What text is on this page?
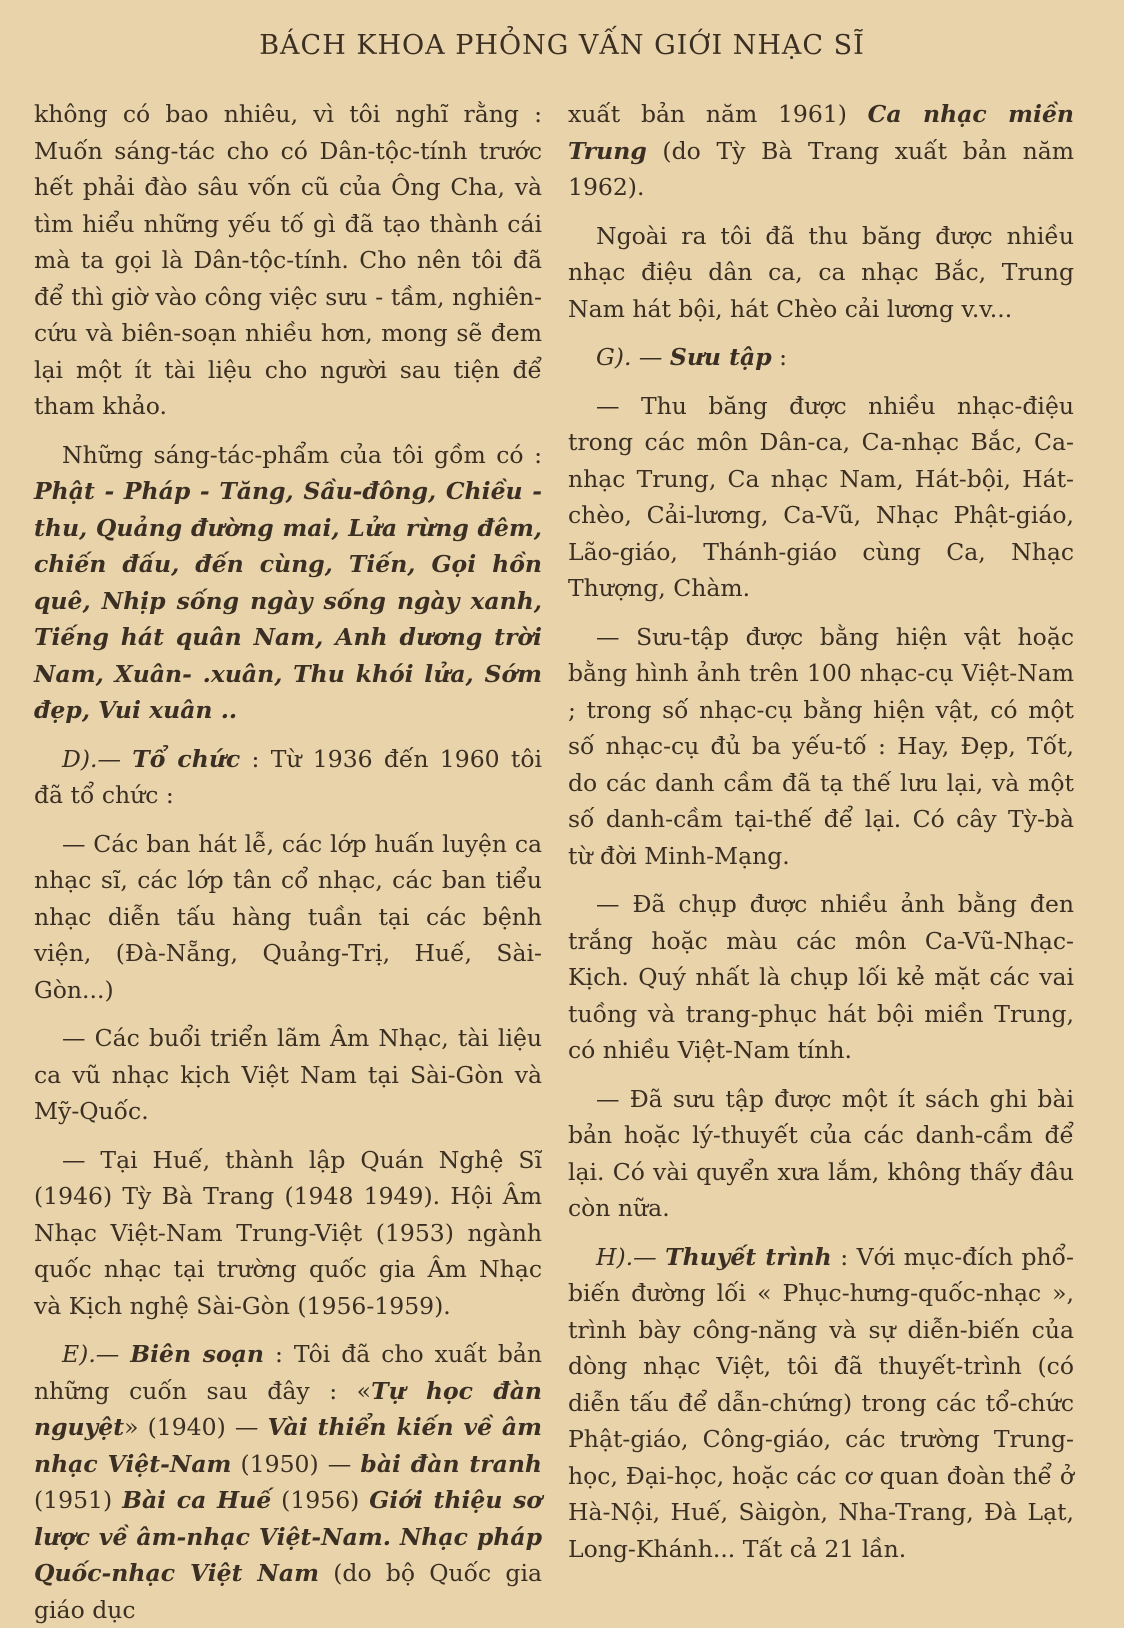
BÁCH KHOA PHỎNG VẤN GIỚI NHẠC SĨ

không có bao nhiêu, vì tôi nghĩ rằng : Muốn sáng-tác cho có Dân-tộc-tính trước hết phải đào sâu vốn cũ của Ông Cha, và tìm hiểu những yếu tố gì đã tạo thành cái mà ta gọi là Dân-tộc-tính. Cho nên tôi đã để thì giờ vào công việc sưu - tầm, nghiên-cứu và biên-soạn nhiều hơn, mong sẽ đem lại một ít tài liệu cho người sau tiện để tham khảo.

Những sáng-tác-phẩm của tôi gồm có : Phật - Pháp - Tăng, Sầu-đông, Chiều - thu, Quảng đường mai, Lửa rừng đêm, chiến đấu, đến cùng, Tiến, Gọi hồn quê, Nhịp sống ngày sống ngày xanh, Tiếng hát quân Nam, Anh dương trời Nam, Xuân- .xuân, Thu khói lửa, Sớm đẹp, Vui xuân ..

D).— Tổ chức : Từ 1936 đến 1960 tôi đã tổ chức :

— Các ban hát lễ, các lớp huấn luyện ca nhạc sĩ, các lớp tân cổ nhạc, các ban tiểu nhạc diễn tấu hàng tuần tại các bệnh viện, (Đà-Nẵng, Quảng-Trị, Huế, Sài-Gòn...)

— Các buổi triển lãm Âm Nhạc, tài liệu ca vũ nhạc kịch Việt Nam tại Sài-Gòn và Mỹ-Quốc.

— Tại Huế, thành lập Quán Nghệ Sĩ (1946) Tỳ Bà Trang (1948 1949). Hội Âm Nhạc Việt-Nam Trung-Việt (1953) ngành quốc nhạc tại trường quốc gia Âm Nhạc và Kịch nghệ Sài-Gòn (1956-1959).

E).— Biên soạn : Tôi đã cho xuất bản những cuốn sau đây : «Tự học đàn nguyệt» (1940) — Vài thiển kiến về âm nhạc Việt-Nam (1950) — bài đàn tranh (1951) Bài ca Huế (1956) Giới thiệu sơ lược về âm-nhạc Việt-Nam. Nhạc pháp Quốc-nhạc Việt Nam (do bộ Quốc gia giáo dục

xuất bản năm 1961) Ca nhạc miền Trung (do Tỳ Bà Trang xuất bản năm 1962).

Ngoài ra tôi đã thu băng được nhiều nhạc điệu dân ca, ca nhạc Bắc, Trung Nam hát bội, hát Chèo cải lương v.v...

G). — Sưu tập :

— Thu băng được nhiều nhạc-điệu trong các môn Dân-ca, Ca-nhạc Bắc, Ca-nhạc Trung, Ca nhạc Nam, Hát-bội, Hát-chèo, Cải-lương, Ca-Vũ, Nhạc Phật-giáo, Lão-giáo, Thánh-giáo cùng Ca, Nhạc Thượng, Chàm.

— Sưu-tập được bằng hiện vật hoặc bằng hình ảnh trên 100 nhạc-cụ Việt-Nam ; trong số nhạc-cụ bằng hiện vật, có một số nhạc-cụ đủ ba yếu-tố : Hay, Đẹp, Tốt, do các danh cầm đã tạ thế lưu lại, và một số danh-cầm tại-thế để lại. Có cây Tỳ-bà từ đời Minh-Mạng.

— Đã chụp được nhiều ảnh bằng đen trắng hoặc màu các môn Ca-Vũ-Nhạc-Kịch. Quý nhất là chụp lối kẻ mặt các vai tuồng và trang-phục hát bội miền Trung, có nhiều Việt-Nam tính.

— Đã sưu tập được một ít sách ghi bài bản hoặc lý-thuyết của các danh-cầm để lại. Có vài quyển xưa lắm, không thấy đâu còn nữa.

H).— Thuyết trình : Với mục-đích phổ-biến đường lối « Phục-hưng-quốc-nhạc », trình bày công-năng và sự diễn-biến của dòng nhạc Việt, tôi đã thuyết-trình (có diễn tấu để dẫn-chứng) trong các tổ-chức Phật-giáo, Công-giáo, các trường Trung-học, Đại-học, hoặc các cơ quan đoàn thể ở Hà-Nội, Huế, Sàigòn, Nha-Trang, Đà Lạt, Long-Khánh... Tất cả 21 lần.
